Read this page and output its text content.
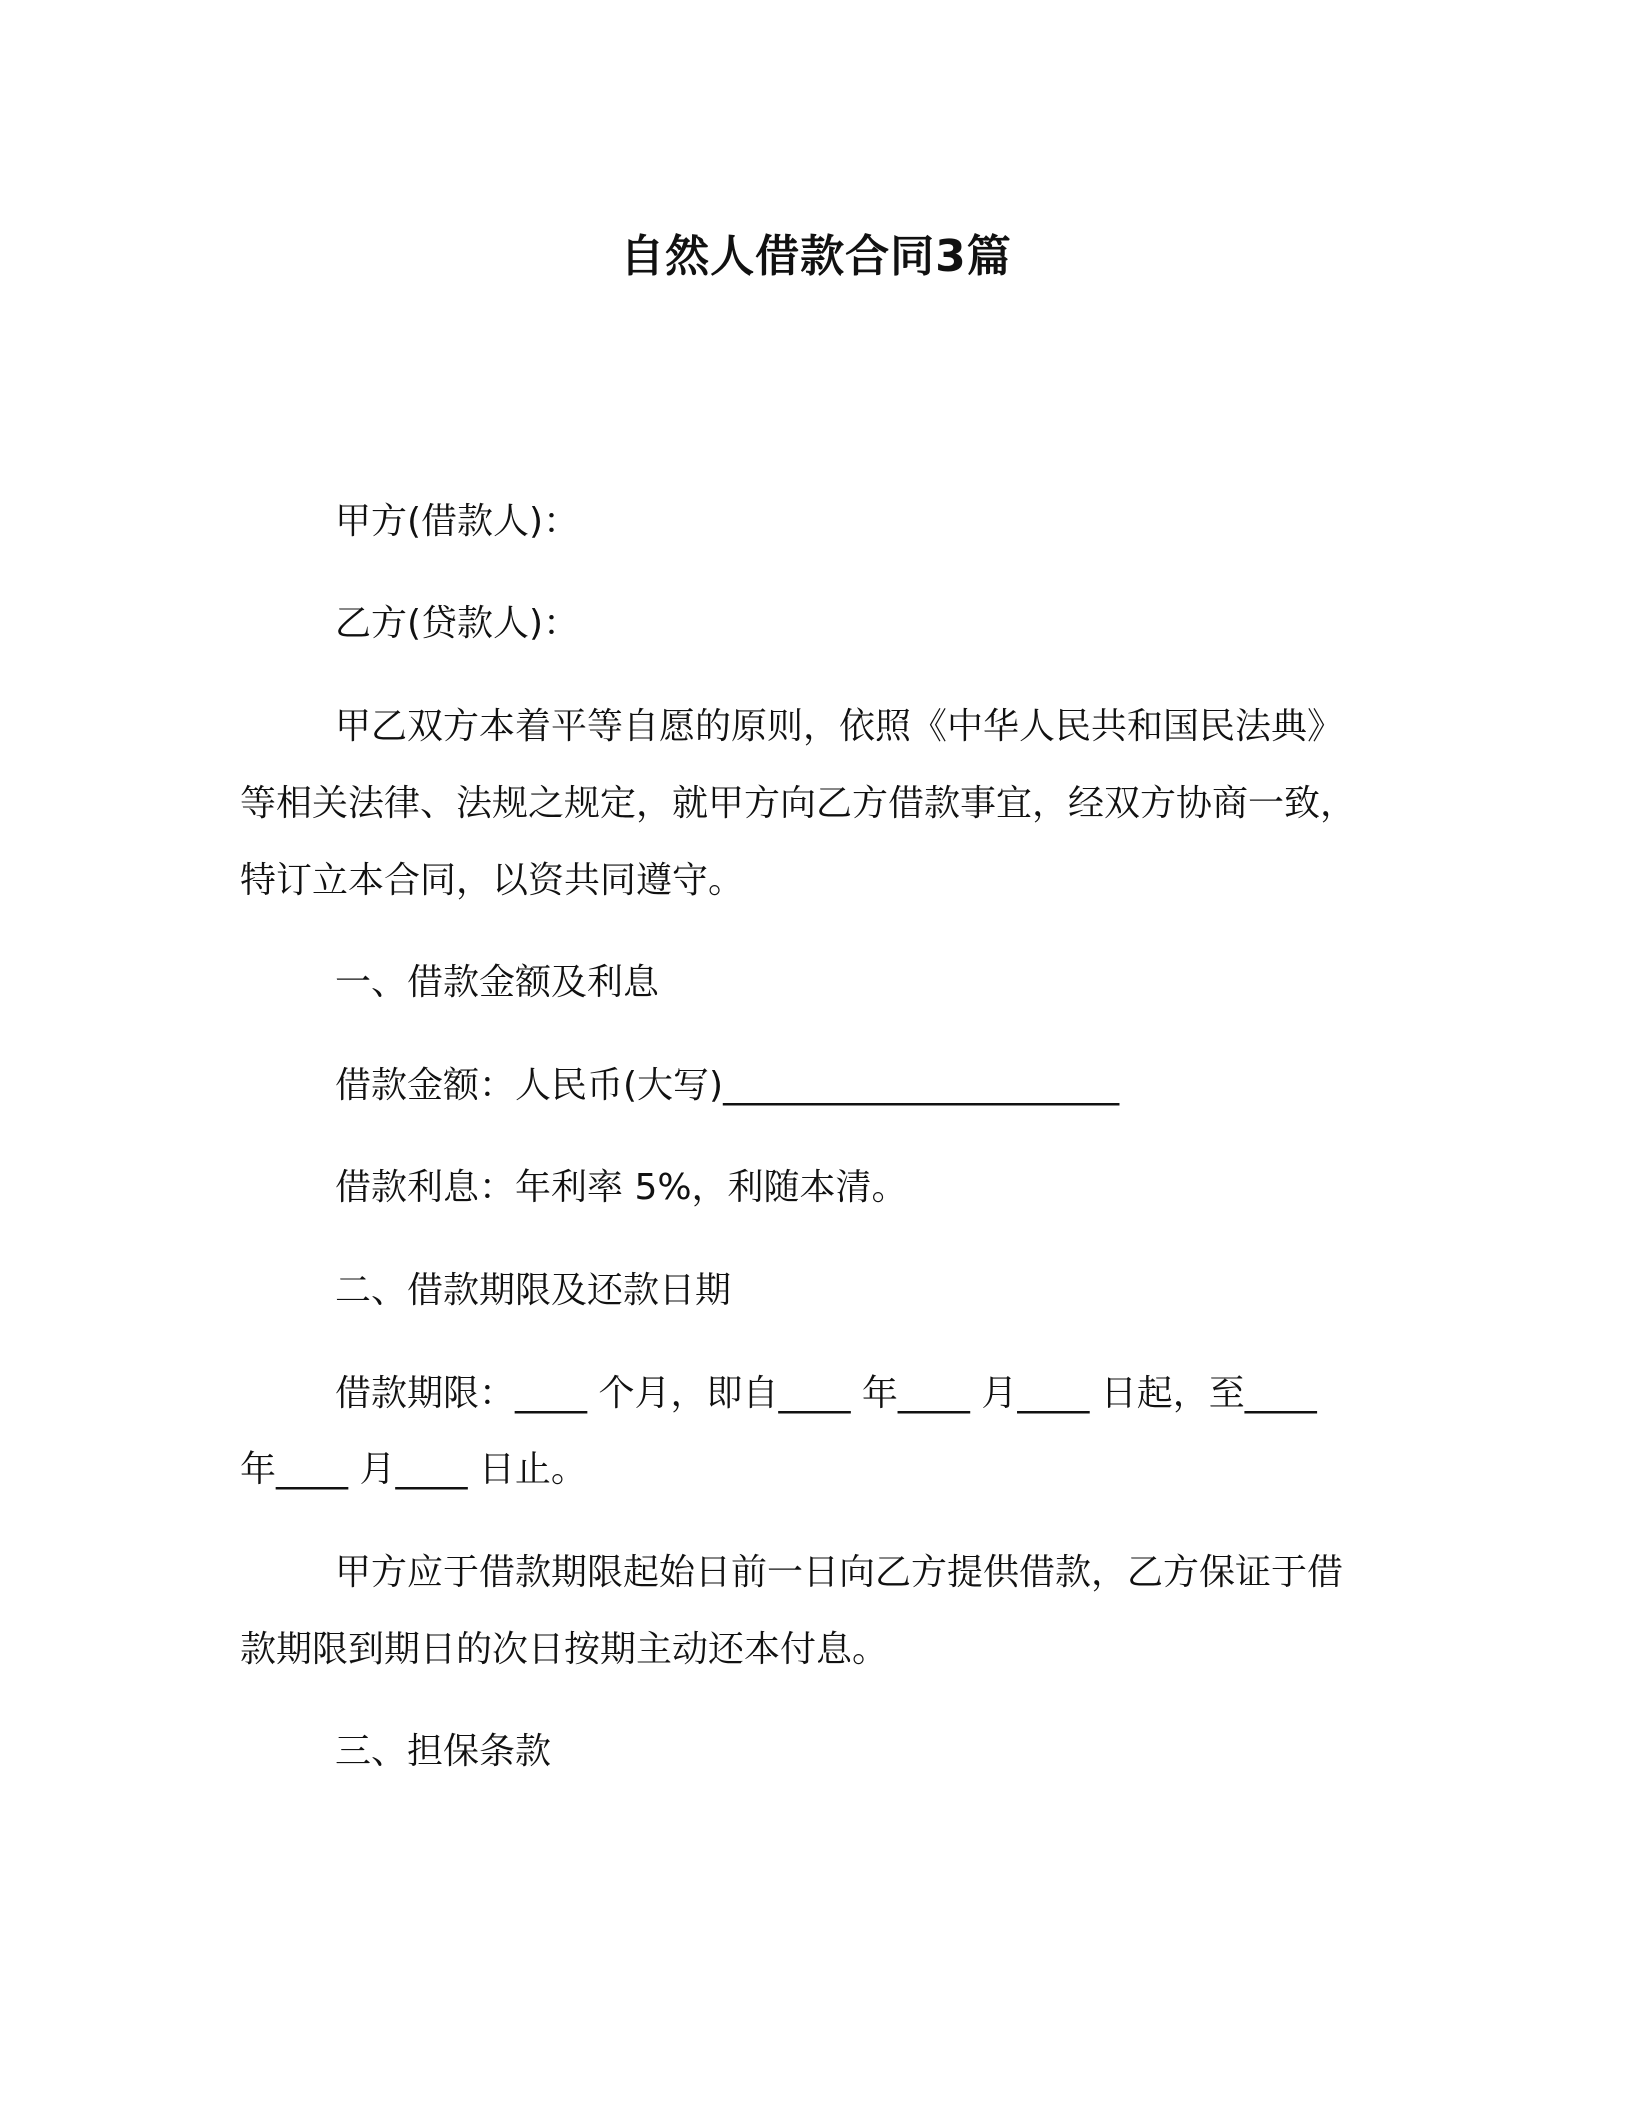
自然人借款合同3篇
甲方(借款人)：
乙方(贷款人)：
甲乙双方本着平等自愿的原则，依照《中华人民共和国民法典》
等相关法律、法规之规定，就甲方向乙方借款事宜，经双方协商一致，
特订立本合同，以资共同遵守。
一、借款金额及利息
借款金额：人民币(大写)______________________
借款利息：年利率 5%，利随本清。
二、借款期限及还款日期
借款期限：____ 个月，即自____ 年____ 月____ 日起，至____
年____ 月____ 日止。
甲方应于借款期限起始日前一日向乙方提供借款，乙方保证于借
款期限到期日的次日按期主动还本付息。
三、担保条款
